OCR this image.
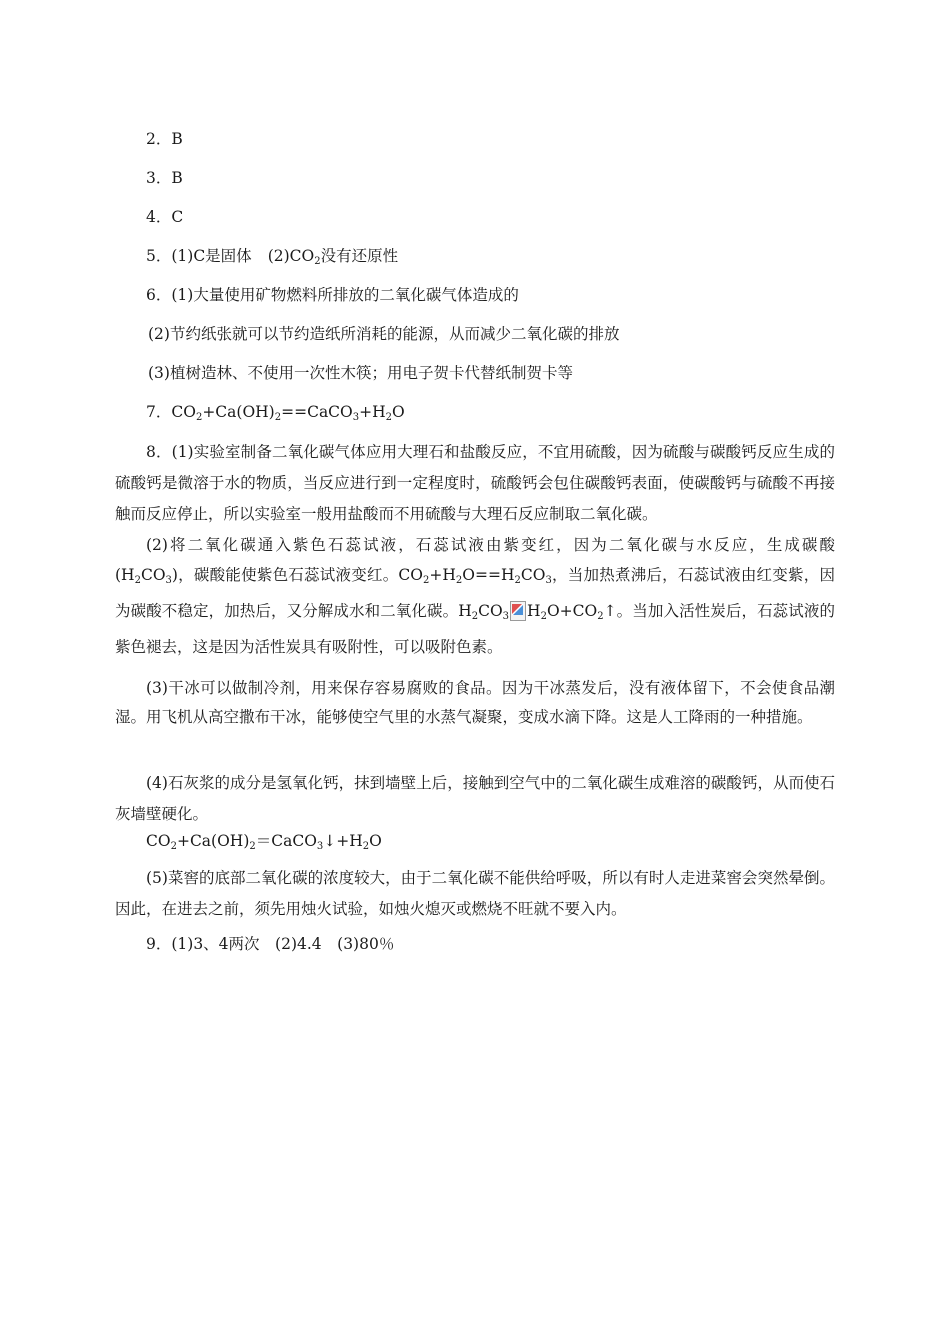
2．B
3．B
4．C
5．(1)C是固体 $(2)CO_2$没有还原性
6．(1)大量使用矿物燃料所排放的二氧化碳气体造成的
(2)节约纸张就可以节约造纸所消耗的能源，从而减少二氧化碳的排放
(3)植树造林、不使用一次性木筷；用电子贺卡代替纸制贺卡等
7．$CO_2+Ca(OH)_2==CaCO_3+H_2O$
8．(1)实验室制备二氧化碳气体应用大理石和盐酸反应，不宜用硫酸，因为硫酸与碳酸钙反应生成的硫酸钙是微溶于水的物质，当反应进行到一定程度时，硫酸钙会包住碳酸钙表面，使碳酸钙与硫酸不再接触而反应停止，所以实验室一般用盐酸而不用硫酸与大理石反应制取二氧化碳。
(2)将二氧化碳通入紫色石蕊试液，石蕊试液由紫变红，因为二氧化碳与水反应，生成碳酸$(H_2CO_3)$，碳酸能使紫色石蕊试液变红。$CO_2+H_2O==H_2CO_3$，当加热煮沸后，石蕊试液由红变紫，因为碳酸不稳定，加热后，又分解成水和二氧化碳。$H_2CO_3$ $H_2O+CO_2↑$。当加入活性炭后，石蕊试液的紫色褪去，这是因为活性炭具有吸附性，可以吸附色素。
(3)干冰可以做制冷剂，用来保存容易腐败的食品。因为干冰蒸发后，没有液体留下，不会使食品潮湿。用飞机从高空撒布干冰，能够使空气里的水蒸气凝聚，变成水滴下降。这是人工降雨的一种措施。
(4)石灰浆的成分是氢氧化钙，抹到墙壁上后，接触到空气中的二氧化碳生成难溶的碳酸钙，从而使石灰墙壁硬化。
$CO_2+Ca(OH)_2=CaCO_3↓+H_2O$
(5)菜窖的底部二氧化碳的浓度较大，由于二氧化碳不能供给呼吸，所以有时人走进菜窖会突然晕倒。因此，在进去之前，须先用烛火试验，如烛火熄灭或燃烧不旺就不要入内。
9．(1)3、4两次　(2)4.4　(3)80％
